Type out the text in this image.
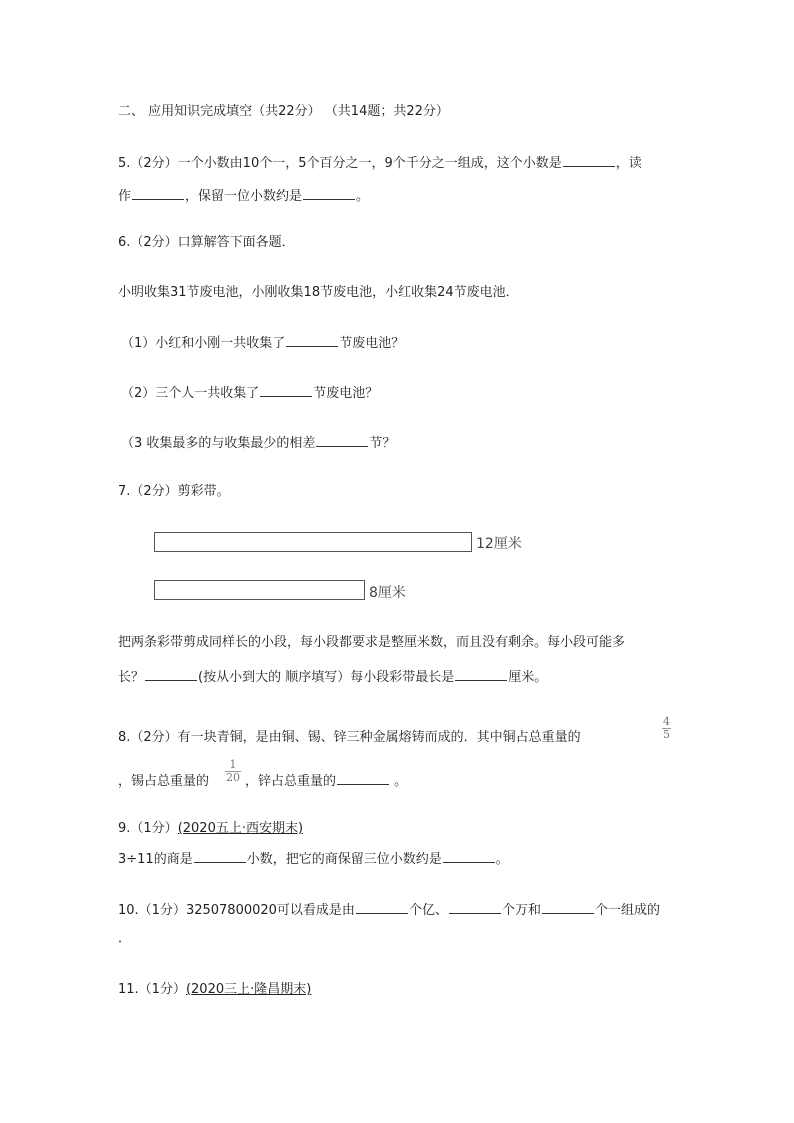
二、 应用知识完成填空（共22分） （共14题；共22分）
5.（2分）一个小数由10个一，5个百分之一，9个千分之一组成，这个小数是	，读
作	，保留一位小数约是	。
6.（2分）口算解答下面各题．
小明收集31节废电池，小刚收集18节废电池，小红收集24节废电池．
（1）小红和小刚一共收集了	节废电池？
（2）三个人一共收集了	节废电池？
（3 收集最多的与收集最少的相差	节？
7.（2分）剪彩带。
12厘米
8厘米
把两条彩带剪成同样长的小段，每小段都要求是整厘米数，而且没有剩余。每小段可能多
长？	(按从小到大的 顺序填写）每小段彩带最长是	厘米。
8.（2分）有一块青铜，是由铜、锡、锌三种金属熔铸而成的．其中铜占总重量的
4
5
，锡占总重量的	，锌占总重量的	。
1
20
9.（1分）(2020五上·西安期末)
3÷11的商是	小数，把它的商保留三位小数约是	。
10.（1分）32507800020可以看成是由	个亿、	个万和	个一组成的
．
11.（1分）(2020三上·隆昌期末)
